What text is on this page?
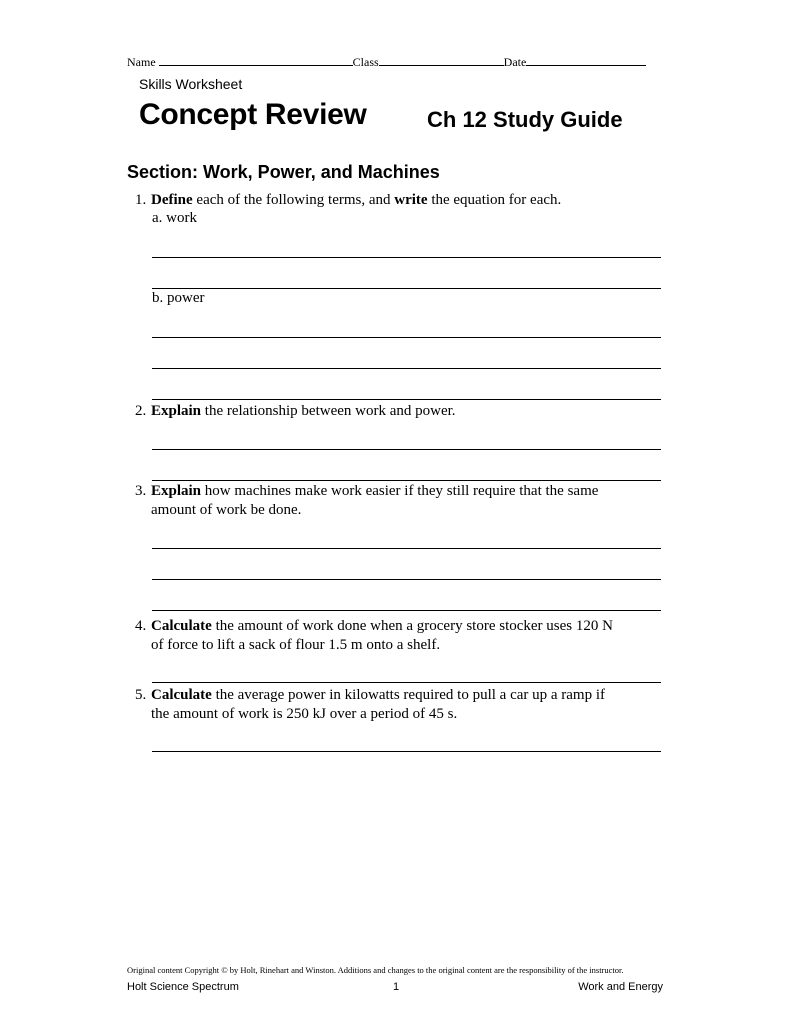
Name	Class	Date
Skills Worksheet
Concept Review	Ch 12 Study Guide
Section: Work, Power, and Machines
1. Define each of the following terms, and write the equation for each.
a. work
b. power
2. Explain the relationship between work and power.
3. Explain how machines make work easier if they still require that the same
amount of work be done.
4. Calculate the amount of work done when a grocery store stocker uses 120 N
of force to lift a sack of flour 1.5 m onto a shelf.
5. Calculate the average power in kilowatts required to pull a car up a ramp if
the amount of work is 250 kJ over a period of 45 s.
Original content Copyright © by Holt, Rinehart and Winston. Additions and changes to the original content are the responsibility of the instructor.
Holt Science Spectrum	1	Work and Energy
